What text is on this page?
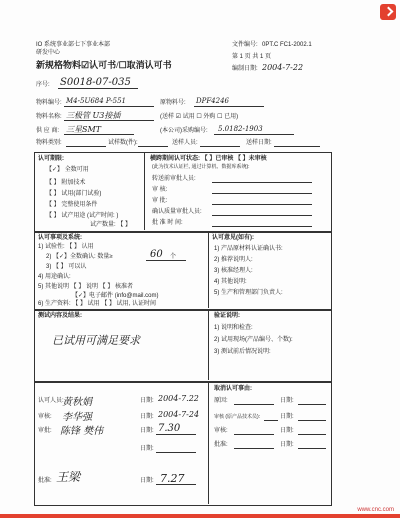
IO 系统事业部七下事业本部
研发中心
新规格物料☑认可书/☐取消认可书
文件编号: 0PT.C FC1-2002.1
第 1 页 共 1 页
编制日期: 2004-7-22
序号: S0018-07-035
物料编号: M4-5U684 P-551	原物料号: DPF4246
物料名称: 三极管 U3接插	(送样 ☑ 试用 ☐ 外购 ☐ 已用)
供 应 商: 三星SMT	(本公司)采购编号: 5.0182-1903
物料类别:	试样数(件):	送样人员:	送样日期:
认可期限:
【✓】 全数可用
【 】 附加技术
【 】 试用(部门试验)
【 】 完整使用条件
【 】 试产用途 (试产时间: )
试产数量: 【 】
横跨期间认可状态: 【 】已审核 【 】未审核
(此为技术认证栏, 通过计算机、数据库系统):
转送前审批人员:
审 核:
审 批:
确认质量审批人员:
批 准 时 间:
认可事项及系统:
1) 试验性: 【 】 认用
2) 【✓】全数确认: 数量≥	60 个
3) 【 】 可以认
4) 用途确认:
5) 其他说明 【 】 说明 【 】 核准者
【✓】电子邮件 (info@mail.com)
6) 生产资料: 【 】 试用 【 】 试用, 认证时间
认可意见(如有):
1) 产品原材料认证确认书:
2) 推荐说明人:
3) 核准经理人:
4) 其他说明:
5) 生产和管理部门负责人:
测试内容及结果:
已试用可满足要求
验证说明:
1) 说明和检查:
2) 试用现场(产品编号、个数):
3) 测试前后情况说明:
认可人员:
黄秋娟	日期: 2004-7.22
审核: 李华强	日期: 2004-7-24
审批: 陈锋 樊伟	日期: 7.30
日期:
批准: 王梁	日期: 7.27
取消认可事由:
原因:	日期:
审核 (原产品技术员):	日期:
审核:	日期:
批准:	日期:
www.cnc.com
